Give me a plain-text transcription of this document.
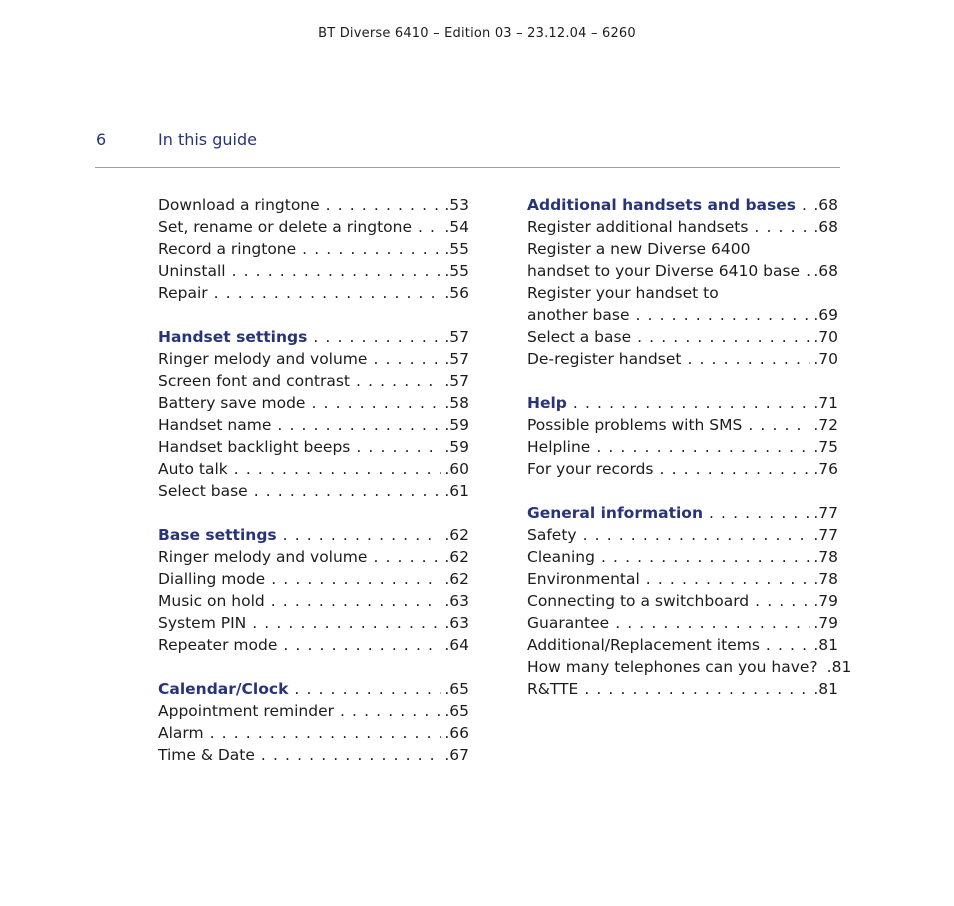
BT Diverse 6410 – Edition 03 – 23.12.04 – 6260
6	In this guide
Download a ringtone . . .	.53
Set, rename or delete a ringtone . . . .54
Record a ringtone . . .	.55
Uninstall . . .	.55
Repair . . .	.56
Handset settings . . .	.57
Ringer melody and volume . . .	.57
Screen font and contrast . . .	.57
Battery save mode . . .	.58
Handset name . . .	.59
Handset backlight beeps . . .	.59
Auto talk . . .	.60
Select base . . .	.61
Base settings . . .	.62
Ringer melody and volume . . .	.62
Dialling mode . . .	.62
Music on hold . . .	.63
System PIN . . .	.63
Repeater mode . . .	.64
Calendar/Clock . . .	.65
Appointment reminder . . .	.65
Alarm . . .	.66
Time & Date . . .	.67
Additional handsets and bases . . . .68
Register additional handsets . . .	.68
Register a new Diverse 6400
handset to your Diverse 6410 base . . . .68
Register your handset to
another base . . .	.69
Select a base . . .	.70
De-register handset . . .	.70
Help . . .	.71
Possible problems with SMS . . .	.72
Helpline . . .	.75
For your records . . .	.76
General information . . .	.77
Safety . . .	.77
Cleaning . . .	.78
Environmental . . .	.78
Connecting to a switchboard . . .	.79
Guarantee . . .	.79
Additional/Replacement items . . .	.81
How many telephones can you have? .81
R&TTE . . .	.81
